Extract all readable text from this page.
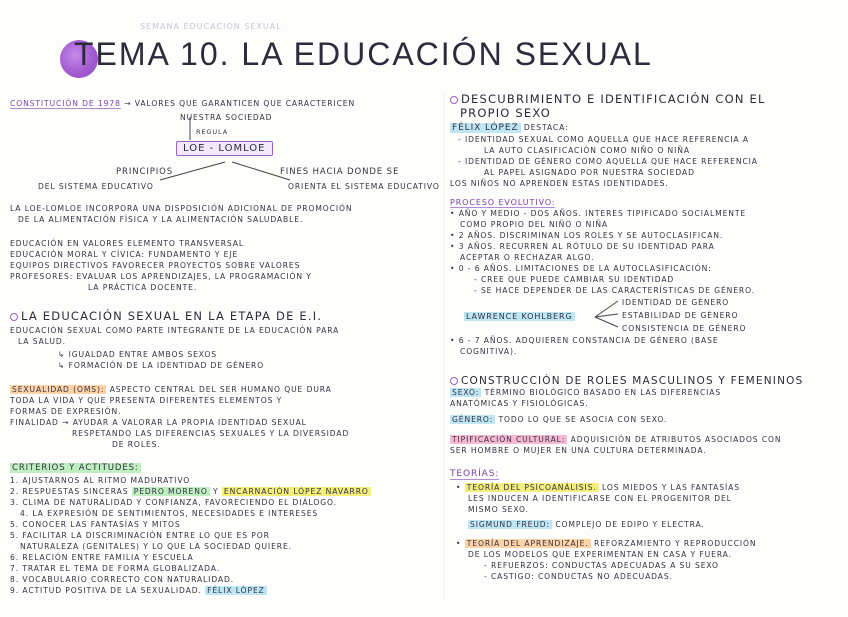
SEMANA EDUCACIÓN SEXUAL
TEMA 10. LA EDUCACIÓN SEXUAL
CONSTITUCIÓN DE 1978 → VALORES QUE GARANTICEN QUE CARACTERICEN
NUESTRA SOCIEDAD
REGULA
LOE - LOMLOE
PRINCIPIOS
DEL SISTEMA EDUCATIVO
FINES HACIA DONDE SE
ORIENTA EL SISTEMA EDUCATIVO
LA LOE-LOMLOE INCORPORA UNA DISPOSICIÓN ADICIONAL DE PROMOCIÓN
DE LA ALIMENTACIÓN FÍSICA Y LA ALIMENTACIÓN SALUDABLE.
EDUCACIÓN EN VALORES ELEMENTO TRANSVERSAL
EDUCACIÓN MORAL Y CÍVICA: FUNDAMENTO Y EJE
EQUIPOS DIRECTIVOS FAVORECER PROYECTOS SOBRE VALORES
PROFESORES: EVALUAR LOS APRENDIZAJES, LA PROGRAMACIÓN Y
LA PRÁCTICA DOCENTE.
LA EDUCACIÓN SEXUAL EN LA ETAPA DE E.I.
EDUCACIÓN SEXUAL COMO PARTE INTEGRANTE DE LA EDUCACIÓN PARA
LA SALUD.
↳ IGUALDAD ENTRE AMBOS SEXOS
↳ FORMACIÓN DE LA IDENTIDAD DE GÉNERO
SEXUALIDAD (OMS): ASPECTO CENTRAL DEL SER HUMANO QUE DURA
TODA LA VIDA Y QUE PRESENTA DIFERENTES ELEMENTOS Y
FORMAS DE EXPRESIÓN.
FINALIDAD → AYUDAR A VALORAR LA PROPIA IDENTIDAD SEXUAL
RESPETANDO LAS DIFERENCIAS SEXUALES Y LA DIVERSIDAD
DE ROLES.
CRITERIOS Y ACTITUDES:
1. AJUSTARNOS AL RITMO MADURATIVO
2. RESPUESTAS SINCERAS PEDRO MORENO Y ENCARNACIÓN LÓPEZ NAVARRO
3. CLIMA DE NATURALIDAD Y CONFIANZA, FAVORECIENDO EL DIÁLOGO.
4. LA EXPRESIÓN DE SENTIMIENTOS, NECESIDADES E INTERESES
5. CONOCER LAS FANTASÍAS Y MITOS
5. FACILITAR LA DISCRIMINACIÓN ENTRE LO QUE ES POR
NATURALEZA (GENITALES) Y LO QUE LA SOCIEDAD QUIERE.
6. RELACIÓN ENTRE FAMILIA Y ESCUELA
7. TRATAR EL TEMA DE FORMA GLOBALIZADA.
8. VOCABULARIO CORRECTO CON NATURALIDAD.
9. ACTITUD POSITIVA DE LA SEXUALIDAD. FÉLIX LÓPEZ
DESCUBRIMIENTO E IDENTIFICACIÓN CON EL
PROPIO SEXO
FÉLIX LÓPEZ DESTACA:
- IDENTIDAD SEXUAL COMO AQUELLA QUE HACE REFERENCIA A
LA AUTO CLASIFICACIÓN COMO NIÑO O NIÑA
- IDENTIDAD DE GÉNERO COMO AQUELLA QUE HACE REFERENCIA
AL PAPEL ASIGNADO POR NUESTRA SOCIEDAD
LOS NIÑOS NO APRENDEN ESTAS IDENTIDADES.
PROCESO EVOLUTIVO:
• AÑO Y MEDIO - DOS AÑOS. INTERES TIPIFICADO SOCIALMENTE
COMO PROPIO DEL NIÑO O NIÑA
• 2 AÑOS. DISCRIMINAN LOS ROLES Y SE AUTOCLASIFICAN.
• 3 AÑOS. RECURREN AL RÓTULO DE SU IDENTIDAD PARA
ACEPTAR O RECHAZAR ALGO.
• 0 - 6 AÑOS. LIMITACIONES DE LA AUTOCLASIFICACIÓN:
- CREE QUE PUEDE CAMBIAR SU IDENTIDAD
- SE HACE DEPENDER DE LAS CARACTERÍSTICAS DE GÉNERO.
LAWRENCE KOHLBERG
IDENTIDAD DE GÉNERO
ESTABILIDAD DE GÉNERO
CONSISTENCIA DE GÉNERO
• 6 - 7 AÑOS. ADQUIEREN CONSTANCIA DE GÉNERO (BASE
COGNITIVA).
CONSTRUCCIÓN DE ROLES MASCULINOS Y FEMENINOS
SEXO: TÉRMINO BIOLÓGICO BASADO EN LAS DIFERENCIAS
ANATÓMICAS Y FISIOLÓGICAS.
GÉNERO: TODO LO QUE SE ASOCIA CON SEXO.
TIPIFICACIÓN CULTURAL: ADQUISICIÓN DE ATRIBUTOS ASOCIADOS CON
SER HOMBRE O MUJER EN UNA CULTURA DETERMINADA.
TEORÍAS:
• TEORÍA DEL PSICOANÁLISIS. LOS MIEDOS Y LAS FANTASÍAS
LES INDUCEN A IDENTIFICARSE CON EL PROGENITOR DEL
MISMO SEXO.
SIGMUND FREUD: COMPLEJO DE EDIPO Y ELECTRA.
• TEORÍA DEL APRENDIZAJE. REFORZAMIENTO Y REPRODUCCIÓN
DE LOS MODELOS QUE EXPERIMENTAN EN CASA Y FUERA.
- REFUERZOS: CONDUCTAS ADECUADAS A SU SEXO
- CASTIGO: CONDUCTAS NO ADECUADAS.
